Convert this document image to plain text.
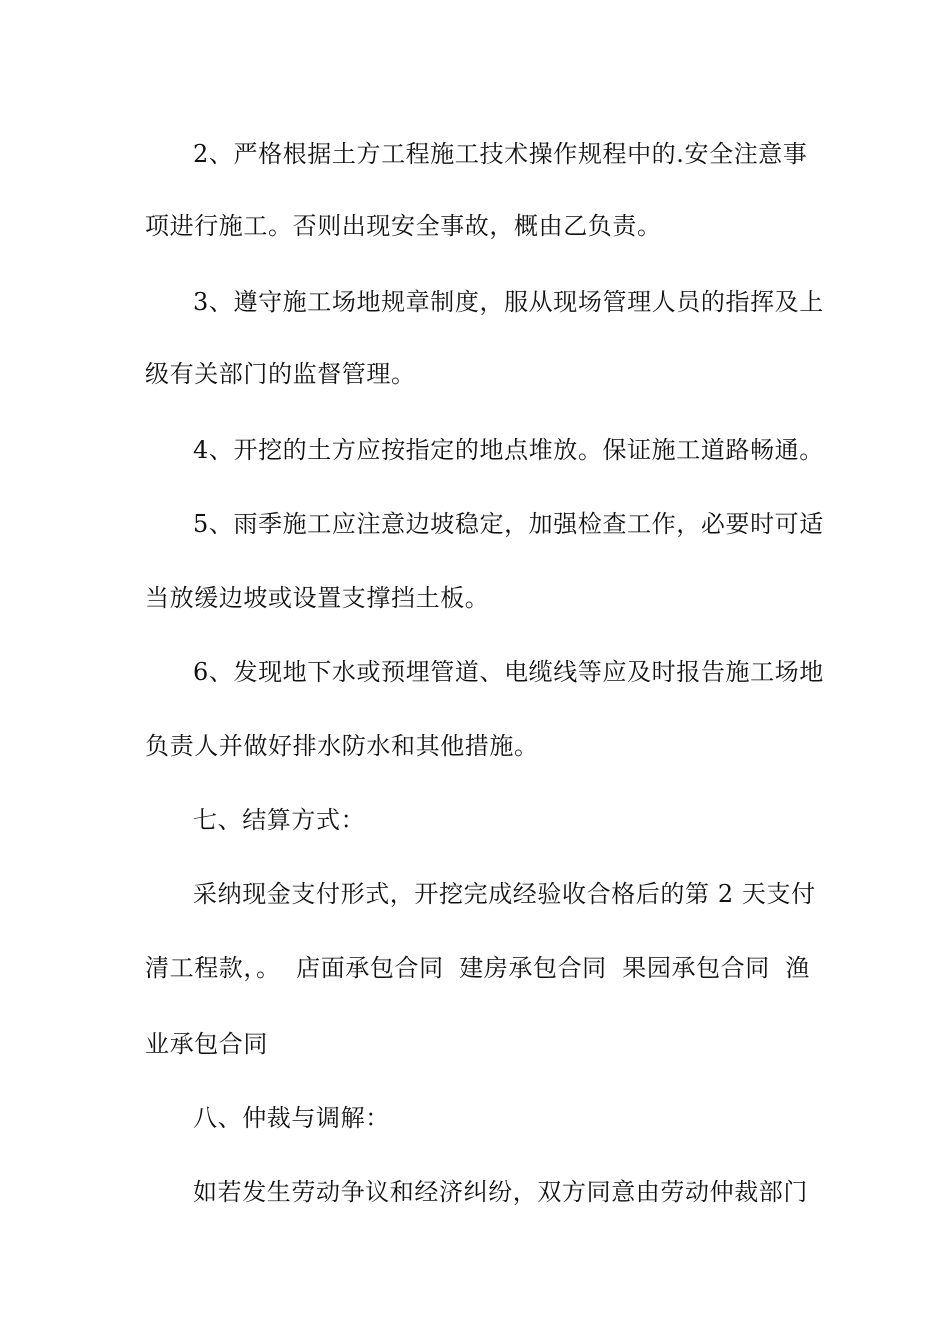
2、严格根据土方工程施工技术操作规程中的.安全注意事
项进行施工。否则出现安全事故，概由乙负责。
3、遵守施工场地规章制度，服从现场管理人员的指挥及上
级有关部门的监督管理。
4、开挖的土方应按指定的地点堆放。保证施工道路畅通。
5、雨季施工应注意边坡稳定，加强检查工作，必要时可适
当放缓边坡或设置支撑挡土板。
6、发现地下水或预埋管道、电缆线等应及时报告施工场地
负责人并做好排水防水和其他措施。
七、结算方式：
采纳现金支付形式，开挖完成经验收合格后的第 2 天支付
清工程款，。 店面承包合同 建房承包合同 果园承包合同 渔
业承包合同
八、仲裁与调解：
如若发生劳动争议和经济纠纷，双方同意由劳动仲裁部门
